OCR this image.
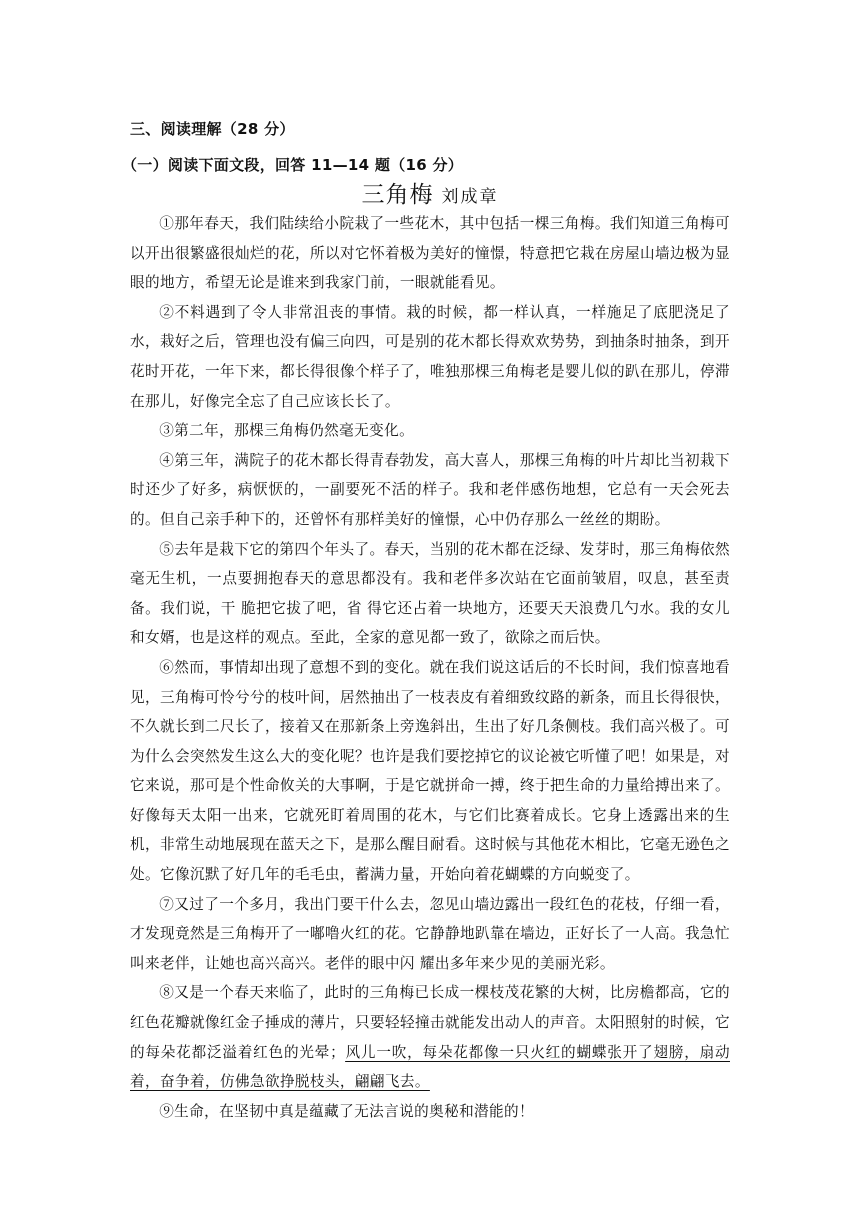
三、阅读理解（28 分）
（一）阅读下面文段，回答 11—14 题（16 分）
三角梅 刘成章

①那年春天，我们陆续给小院栽了一些花木，其中包括一棵三角梅。我们知道三角梅可以开出很繁盛很灿烂的花，所以对它怀着极为美好的憧憬，特意把它栽在房屋山墙边极为显眼的地方，希望无论是谁来到我家门前，一眼就能看见。

②不料遇到了令人非常沮丧的事情。栽的时候，都一样认真，一样施足了底肥浇足了水，栽好之后，管理也没有偏三向四，可是别的花木都长得欢欢势势，到抽条时抽条，到开花时开花，一年下来，都长得很像个样子了，唯独那棵三角梅老是婴儿似的趴在那儿，停滞在那儿，好像完全忘了自己应该长长了。

③第二年，那棵三角梅仍然毫无变化。

④第三年，满院子的花木都长得青春勃发，高大喜人，那棵三角梅的叶片却比当初栽下时还少了好多，病恹恹的，一副要死不活的样子。我和老伴感伤地想，它总有一天会死去的。但自己亲手种下的，还曾怀有那样美好的憧憬，心中仍存那么一丝丝的期盼。

⑤去年是栽下它的第四个年头了。春天，当别的花木都在泛绿、发芽时，那三角梅依然毫无生机，一点要拥抱春天的意思都没有。我和老伴多次站在它面前皱眉，叹息，甚至责备。我们说，干 脆把它拔了吧，省 得它还占着一块地方，还要天天浪费几勺水。我的女儿和女婿，也是这样的观点。至此，全家的意见都一致了，欲除之而后快。

⑥然而，事情却出现了意想不到的变化。就在我们说这话后的不长时间，我们惊喜地看见，三角梅可怜兮兮的枝叶间，居然抽出了一枝表皮有着细致纹路的新条，而且长得很快，不久就长到二尺长了，接着又在那新条上旁逸斜出，生出了好几条侧枝。我们高兴极了。可为什么会突然发生这么大的变化呢？也许是我们要挖掉它的议论被它听懂了吧！如果是，对它来说，那可是个性命攸关的大事啊，于是它就拼命一搏，终于把生命的力量给搏出来了。好像每天太阳一出来，它就死盯着周围的花木，与它们比赛着成长。它身上透露出来的生机，非常生动地展现在蓝天之下，是那么醒目耐看。这时候与其他花木相比，它毫无逊色之处。它像沉默了好几年的毛毛虫，蓄满力量，开始向着花蝴蝶的方向蜕变了。

⑦又过了一个多月，我出门要干什么去，忽见山墙边露出一段红色的花枝，仔细一看，才发现竟然是三角梅开了一嘟噜火红的花。它静静地趴靠在墙边，正好长了一人高。我急忙叫来老伴，让她也高兴高兴。老伴的眼中闪 耀出多年来少见的美丽光彩。

⑧又是一个春天来临了，此时的三角梅已长成一棵枝茂花繁的大树，比房檐都高，它的红色花瓣就像红金子捶成的薄片，只要轻轻撞击就能发出动人的声音。太阳照射的时候，它的每朵花都泛溢着红色的光晕；风儿一吹，每朵花都像一只火红的蝴蝶张开了翅膀，扇动着，奋争着，仿佛急欲挣脱枝头，翩翩飞去。

⑨生命，在坚韧中真是蕴藏了无法言说的奥秘和潜能的！
